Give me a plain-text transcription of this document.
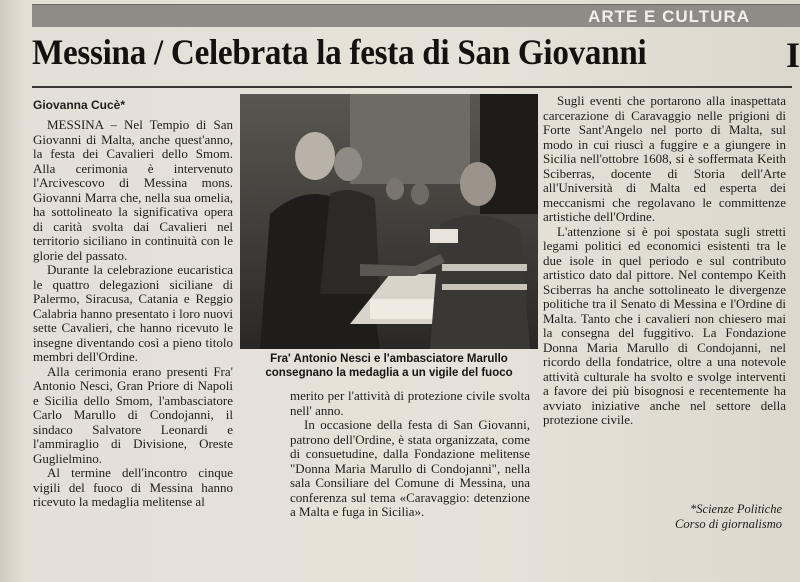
ARTE E CULTURA
Messina / Celebrata la festa di San Giovanni	I
Giovanna Cucè*

MESSINA – Nel Tempio di San Giovanni di Malta, anche quest'anno, la festa dei Cavalieri dello Smom. Alla cerimonia è intervenuto l'Arcivescovo di Messina mons. Giovanni Marra che, nella sua omelia, ha sottolineato la significativa opera di carità svolta dai Cavalieri nel territorio siciliano in continuità con le glorie del passato.

Durante la celebrazione eucaristica le quattro delegazioni siciliane di Palermo, Siracusa, Catania e Reggio Calabria hanno presentato i loro nuovi sette Cavalieri, che hanno ricevuto le insegne diventando così a pieno titolo membri dell'Ordine.

Alla cerimonia erano presenti Fra' Antonio Nesci, Gran Priore di Napoli e Sicilia dello Smom, l'ambasciatore Carlo Marullo di Condojanni, il sindaco Salvatore Leonardi e l'ammiraglio di Divisione, Oreste Guglielmino.

Al termine dell'incontro cinque vigili del fuoco di Messina hanno ricevuto la medaglia melitense al

Fra' Antonio Nesci e l'ambasciatore Marullo consegnano la medaglia a un vigile del fuoco

merito per l'attività di protezione civile svolta nell' anno.

In occasione della festa di San Giovanni, patrono dell'Ordine, è stata organizzata, come di consuetudine, dalla Fondazione melitense "Donna Maria Marullo di Condojanni", nella sala Consiliare del Comune di Messina, una conferenza sul tema «Caravaggio: detenzione a Malta e fuga in Sicilia».

Sugli eventi che portarono alla inaspettata carcerazione di Caravaggio nelle prigioni di Forte Sant'Angelo nel porto di Malta, sul modo in cui riuscì a fuggire e a giungere in Sicilia nell'ottobre 1608, si è soffermata Keith Sciberras, docente di Storia dell'Arte all'Università di Malta ed esperta dei meccanismi che regolavano le committenze artistiche dell'Ordine.

L'attenzione si è poi spostata sugli stretti legami politici ed economici esistenti tra le due isole in quel periodo e sul contributo artistico dato dal pittore. Nel contempo Keith Sciberras ha anche sottolineato le divergenze politiche tra il Senato di Messina e l'Ordine di Malta. Tanto che i cavalieri non chiesero mai la consegna del fuggitivo. La Fondazione Donna Maria Marullo di Condojanni, nel ricordo della fondatrice, oltre a una notevole attività culturale ha svolto e svolge interventi a favore dei più bisognosi e recentemente ha avviato iniziative anche nel settore della protezione civile.

*Scienze Politiche
Corso di giornalismo
